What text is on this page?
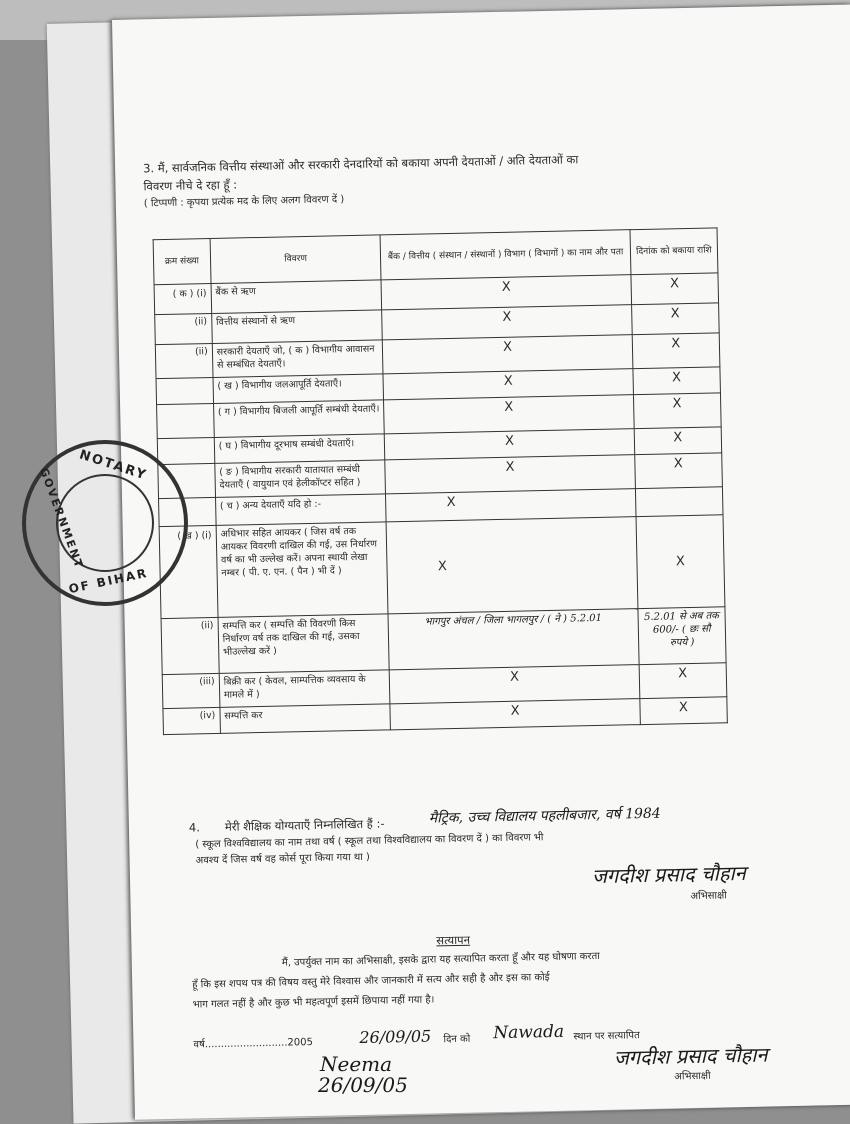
3. मैं, सार्वजनिक वित्तीय संस्थाओं और सरकारी देनदारियों को बकाया अपनी देयताओं / अति देयताओं का
विवरण नीचे दे रहा हूँ :
( टिप्पणी : कृपया प्रत्येक मद के लिए अलग विवरण दें )
क्रम संख्या	विवरण	बैंक / वित्तीय ( संस्थान / संस्थानों ) विभाग ( विभागों ) का नाम और पता	दिनांक को बकाया राशि
( क ) (i)	बैंक से ऋण	X	X
(ii)	वित्तीय संस्थानों से ऋण	X	X
(ii)	सरकारी देयताएँ जो, ( क ) विभागीय आवासन से सम्बंधित देयताएँ।	X	X
	( ख ) विभागीय जलआपूर्ति देयताएँ।	X	X
	( ग ) विभागीय बिजली आपूर्ति सम्बंधी देयताएँ।	X	X
	( घ ) विभागीय दूरभाष सम्बंधी देयताएँ।	X	X
	( ङ ) विभागीय सरकारी यातायात सम्बंधी देयताएँ ( वायुयान एवं हेलीकॉप्टर सहित )	X	X
	( च ) अन्य देयताएँ यदि हो :-	X	
( ख ) (i)	अधिभार सहित आयकर ( जिस वर्ष तक आयकर विवरणी दाखिल की गई, उस निर्धारण वर्ष का भी उल्लेख करें। अपना स्थायी लेखा नम्बर ( पी. ए. एन. ( पैन ) भी दें )	X	X
(ii)	सम्पत्ति कर ( सम्पत्ति की विवरणी किस निर्धारण वर्ष तक दाखिल की गई, उसका भीउल्लेख करें )	भागपुर अंचल / जिला भागलपुर / ( ने ) 5.2.01	5.2.01 से अब तक 600/- ( छः सौ रुपये )
(iii)	बिक्री कर ( केवल, साम्पत्तिक व्यवसाय के मामले में )	X	X
(iv)	सम्पत्ति कर	X	X
4. मेरी शैक्षिक योग्यताएँ निम्नलिखित हैं :-	मैट्रिक, उच्च विद्यालय पहलीबजार, वर्ष 1984
( स्कूल विश्वविद्यालय का नाम तथा वर्ष ( स्कूल तथा विश्वविद्यालय का विवरण दें ) का विवरण भी
अवश्य दें जिस वर्ष वह कोर्स पूरा किया गया था )
जगदीश प्रसाद चौहान
अभिसाक्षी
सत्यापन
मैं, उपर्युक्त नाम का अभिसाक्षी, इसके द्वारा यह सत्यापित करता हूँ और यह घोषणा करता
हूँ कि इस शपथ पत्र की विषय वस्तु मेरे विश्वास और जानकारी में सत्य और सही है और इस का कोई
भाग गलत नहीं है और कुछ भी महत्वपूर्ण इसमें छिपाया नहीं गया है।
वर्ष..........................2005	26/09/05 दिन को Nawada स्थान पर सत्यापित
जगदीश प्रसाद चौहान
अभिसाक्षी
Neema
26/09/05
NOTARY
GOVERNMENT
OF BIHAR
